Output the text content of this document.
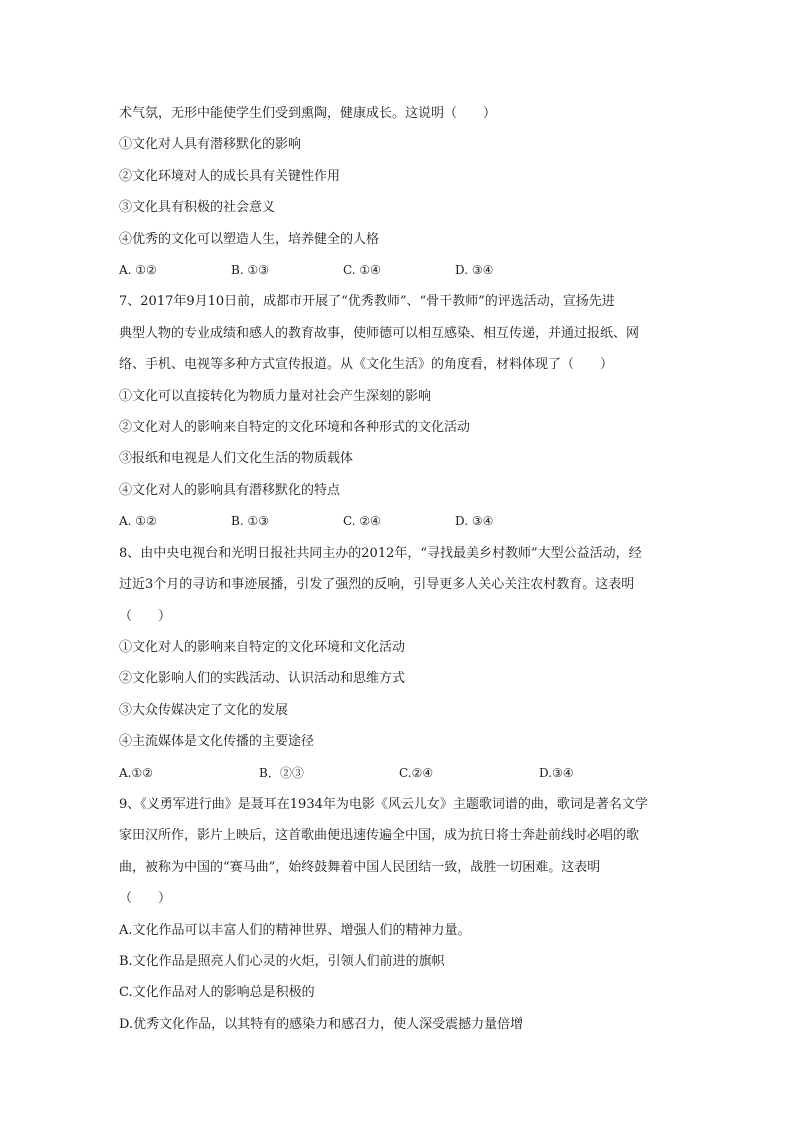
术气氛，无形中能使学生们受到熏陶，健康成长。这说明（　　）
①文化对人具有潜移默化的影响
②文化环境对人的成长具有关键性作用
③文化具有积极的社会意义
④优秀的文化可以塑造人生，培养健全的人格
A. ①②	B. ①③	C. ①④	D. ③④
7、2017年9月10日前，成都市开展了“优秀教师”、“骨干教师”的评选活动，宣扬先进
典型人物的专业成绩和感人的教育故事，使师德可以相互感染、相互传递，并通过报纸、网
络、手机、电视等多种方式宣传报道。从《文化生活》的角度看，材料体现了（　　）
①文化可以直接转化为物质力量对社会产生深刻的影响
②文化对人的影响来自特定的文化环境和各种形式的文化活动
③报纸和电视是人们文化生活的物质载体
④文化对人的影响具有潜移默化的特点
A. ①②	B. ①③	C. ②④	D. ③④
8、由中央电视台和光明日报社共同主办的2012年，“寻找最美乡村教师”大型公益活动，经
过近3个月的寻访和事迹展播，引发了强烈的反响，引导更多人关心关注农村教育。这表明
（　　）
①文化对人的影响来自特定的文化环境和文化活动
②文化影响人们的实践活动、认识活动和思维方式
③大众传媒决定了文化的发展
④主流媒体是文化传播的主要途径
A.①②	B．②③	C.②④	D.③④
9、《义勇军进行曲》是聂耳在1934年为电影《风云儿女》主题歌词谱的曲，歌词是著名文学
家田汉所作，影片上映后，这首歌曲便迅速传遍全中国，成为抗日将士奔赴前线时必唱的歌
曲，被称为中国的“赛马曲”，始终鼓舞着中国人民团结一致，战胜一切困难。这表明
（　　）
A.文化作品可以丰富人们的精神世界、增强人们的精神力量。
B.文化作品是照亮人们心灵的火炬，引领人们前进的旗帜
C.文化作品对人的影响总是积极的
D.优秀文化作品，以其特有的感染力和感召力，使人深受震撼力量倍增
